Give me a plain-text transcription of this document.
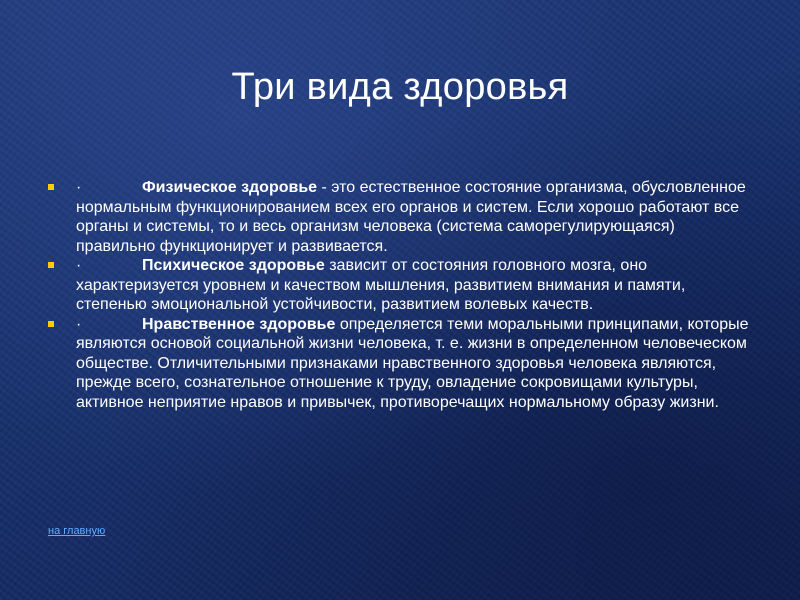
Три вида здоровья
·	Физическое здоровье - это естественное состояние организма, обусловленное нормальным функционированием всех его органов и систем. Если хорошо работают все органы и системы, то и весь организм человека (система саморегулирующаяся) правильно функционирует и развивается.
·	Психическое здоровье зависит от состояния головного мозга, оно характеризуется уровнем и качеством мышления, развитием внимания и памяти, степенью эмоциональной устойчивости, развитием волевых качеств.
·	Нравственное здоровье определяется теми моральными принципами, которые являются основой социальной жизни человека, т. е. жизни в определенном человеческом обществе. Отличительными признаками нравственного здоровья человека являются, прежде всего, сознательное отношение к труду, овладение сокровищами культуры, активное неприятие нравов и привычек, противоречащих нормальному образу жизни.
на главную
